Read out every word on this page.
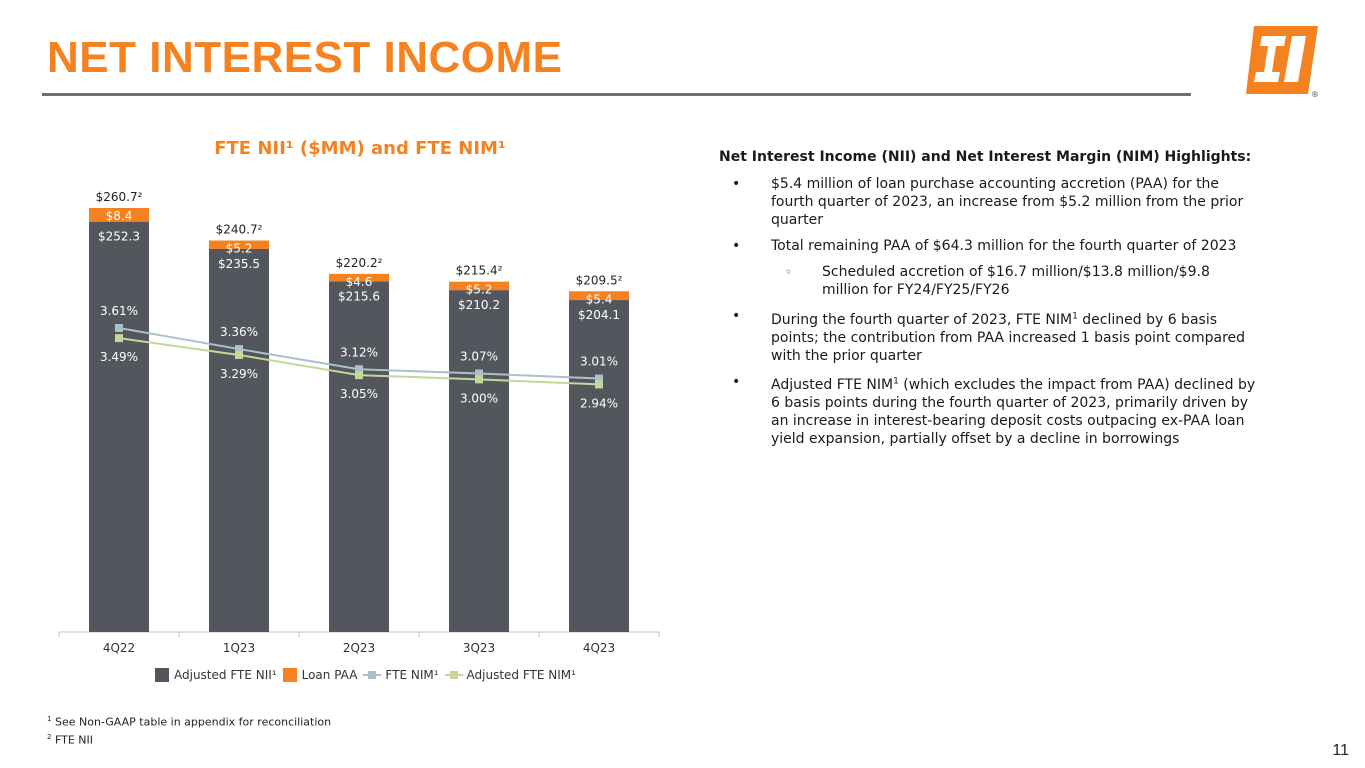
NET INTEREST INCOME
®
FTE NII¹ ($MM) and FTE NIM¹
$8.4
$252.3
$260.7²
4Q22
$5.2
$235.5
$240.7²
1Q23
$4.6
$215.6
$220.2²
2Q23
$5.2
$210.2
$215.4²
3Q23
$5.4
$204.1
$209.5²
4Q23
3.61%
3.36%
3.12%	3.07%	3.01%
3.49%
3.29%
3.05%	3.00%	2.94%
Adjusted FTE NII¹ Loan PAA FTE NIM¹ Adjusted FTE NIM¹
Net Interest Income (NII) and Net Interest Margin (NIM) Highlights:
• $5.4 million of loan purchase accounting accretion (PAA) for the fourth quarter of 2023, an increase from $5.2 million from the prior quarter
• Total remaining PAA of $64.3 million for the fourth quarter of 2023
◦ Scheduled accretion of $16.7 million/$13.8 million/$9.8 million for FY24/FY25/FY26
• During the fourth quarter of 2023, FTE NIM$^1$ declined by 6 basis points; the contribution from PAA increased 1 basis point compared with the prior quarter
• Adjusted FTE NIM$^1$ (which excludes the impact from PAA) declined by 6 basis points during the fourth quarter of 2023, primarily driven by an increase in interest-bearing deposit costs outpacing ex-PAA loan yield expansion, partially offset by a decline in borrowings
$^1$ See Non-GAAP table in appendix for reconciliation
$^2$ FTE NII
11
